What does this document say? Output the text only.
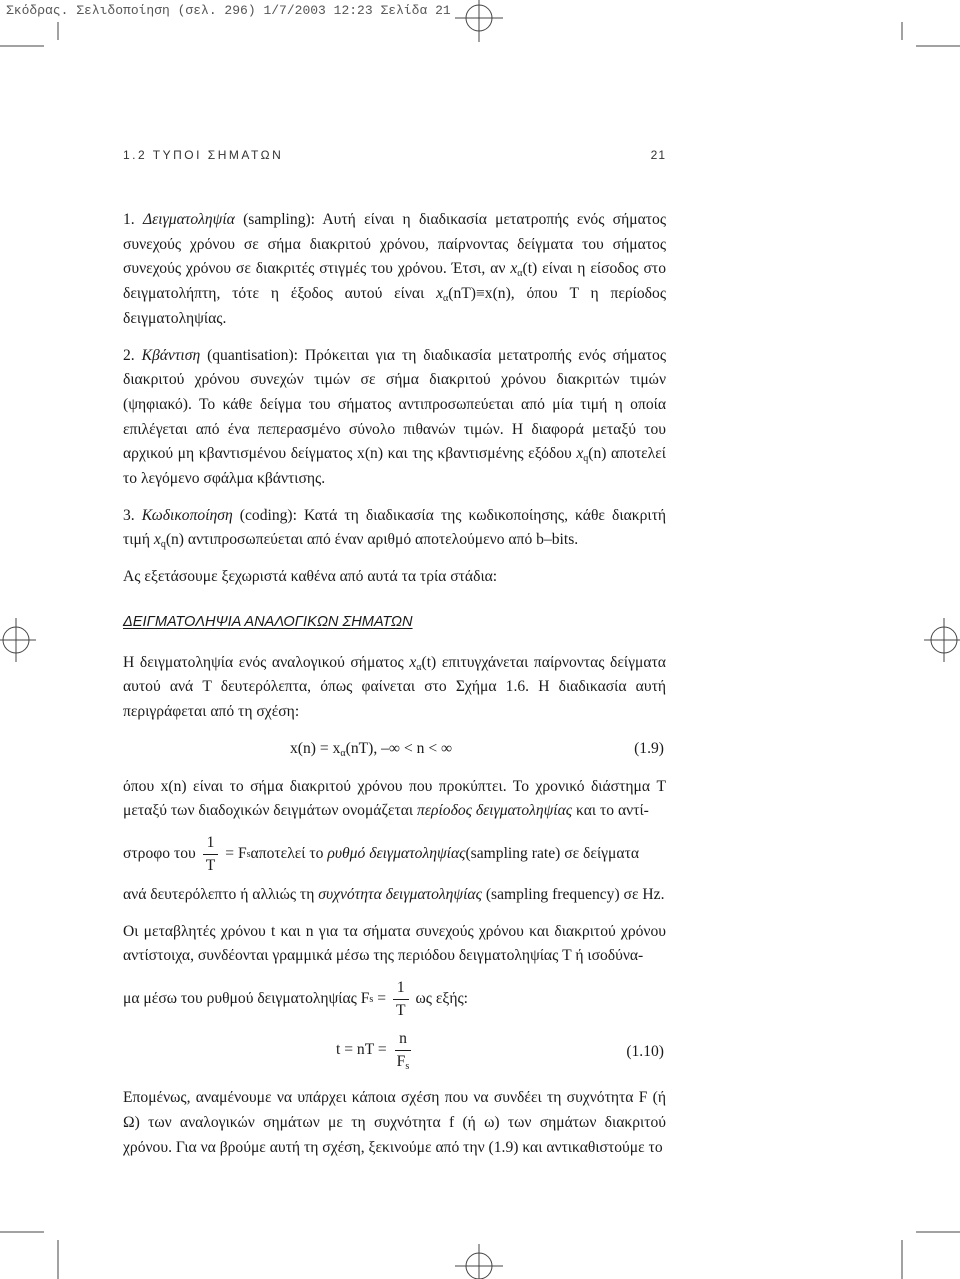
Σκόδρας. Σελιδοποίηση (σελ. 296) 1/7/2003 12:23 Σελίδα 21
1.2 ΤΥΠΟΙ ΣΗΜΑΤΩΝ	21

1. Δειγματοληψία (sampling): Αυτή είναι η διαδικασία μετατροπής ενός σήματος συνεχούς χρόνου σε σήμα διακριτού χρόνου, παίρνοντας δείγματα του σήματος συνεχούς χρόνου σε διακριτές στιγμές του χρόνου. Έτσι, αν $x_\alpha(t)$ είναι η είσοδος στο δειγματολήπτη, τότε η έξοδος αυτού είναι $x_\alpha(nT)\equiv x(n)$, όπου T η περίοδος δειγματοληψίας.

2. Κβάντιση (quantisation): Πρόκειται για τη διαδικασία μετατροπής ενός σήματος διακριτού χρόνου συνεχών τιμών σε σήμα διακριτού χρόνου διακριτών τιμών (ψηφιακό). Το κάθε δείγμα του σήματος αντιπροσωπεύεται από μία τιμή η οποία επιλέγεται από ένα πεπερασμένο σύνολο πιθανών τιμών. Η διαφορά μεταξύ του αρχικού μη κβαντισμένου δείγματος x(n) και της κβαντισμένης εξόδου $x_q(n)$ αποτελεί το λεγόμενο σφάλμα κβάντισης.

3. Κωδικοποίηση (coding): Κατά τη διαδικασία της κωδικοποίησης, κάθε διακριτή τιμή $x_q(n)$ αντιπροσωπεύεται από έναν αριθμό αποτελούμενο από b–bits.

Ας εξετάσουμε ξεχωριστά καθένα από αυτά τα τρία στάδια:

ΔΕΙΓΜΑΤΟΛΗΨΙΑ ΑΝΑΛΟΓΙΚΩΝ ΣΗΜΑΤΩΝ

Η δειγματοληψία ενός αναλογικού σήματος $x_\alpha(t)$ επιτυγχάνεται παίρνοντας δείγματα αυτού ανά T δευτερόλεπτα, όπως φαίνεται στο Σχήμα 1.6. Η διαδικασία αυτή περιγράφεται από τη σχέση:

$x(n) = x_\alpha(nT)$, –∞ < n < ∞	(1.9)

όπου x(n) είναι το σήμα διακριτού χρόνου που προκύπτει. Το χρονικό διάστημα T μεταξύ των διαδοχικών δειγμάτων ονομάζεται περίοδος δειγματοληψίας και το αντί-

στροφο του $\frac{1}{T} = F$ s αποτελεί το
ρυθμό δειγματοληψίας (sampling rate) σε δείγματα

ανά δευτερόλεπτο ή αλλιώς τη συχνότητα δειγματοληψίας (sampling frequency) σε Hz.

Οι μεταβλητές χρόνου t και n για τα σήματα συνεχούς χρόνου και διακριτού χρόνου αντίστοιχα, συνδέονται γραμμικά μέσω της περιόδου δειγματοληψίας T ή ισοδύνα-

μα μέσω του ρυθμού δειγματοληψίας F s
= $\frac{1}{T}$ ως εξής:
t = nT = $\frac{n}{F_s}$	(1.10)

Επομένως, αναμένουμε να υπάρχει κάποια σχέση που να συνδέει τη συχνότητα F (ή Ω) των αναλογικών σημάτων με τη συχνότητα f (ή ω) των σημάτων διακριτού χρόνου. Για να βρούμε αυτή τη σχέση, ξεκινούμε από την (1.9) και αντικαθιστούμε το
